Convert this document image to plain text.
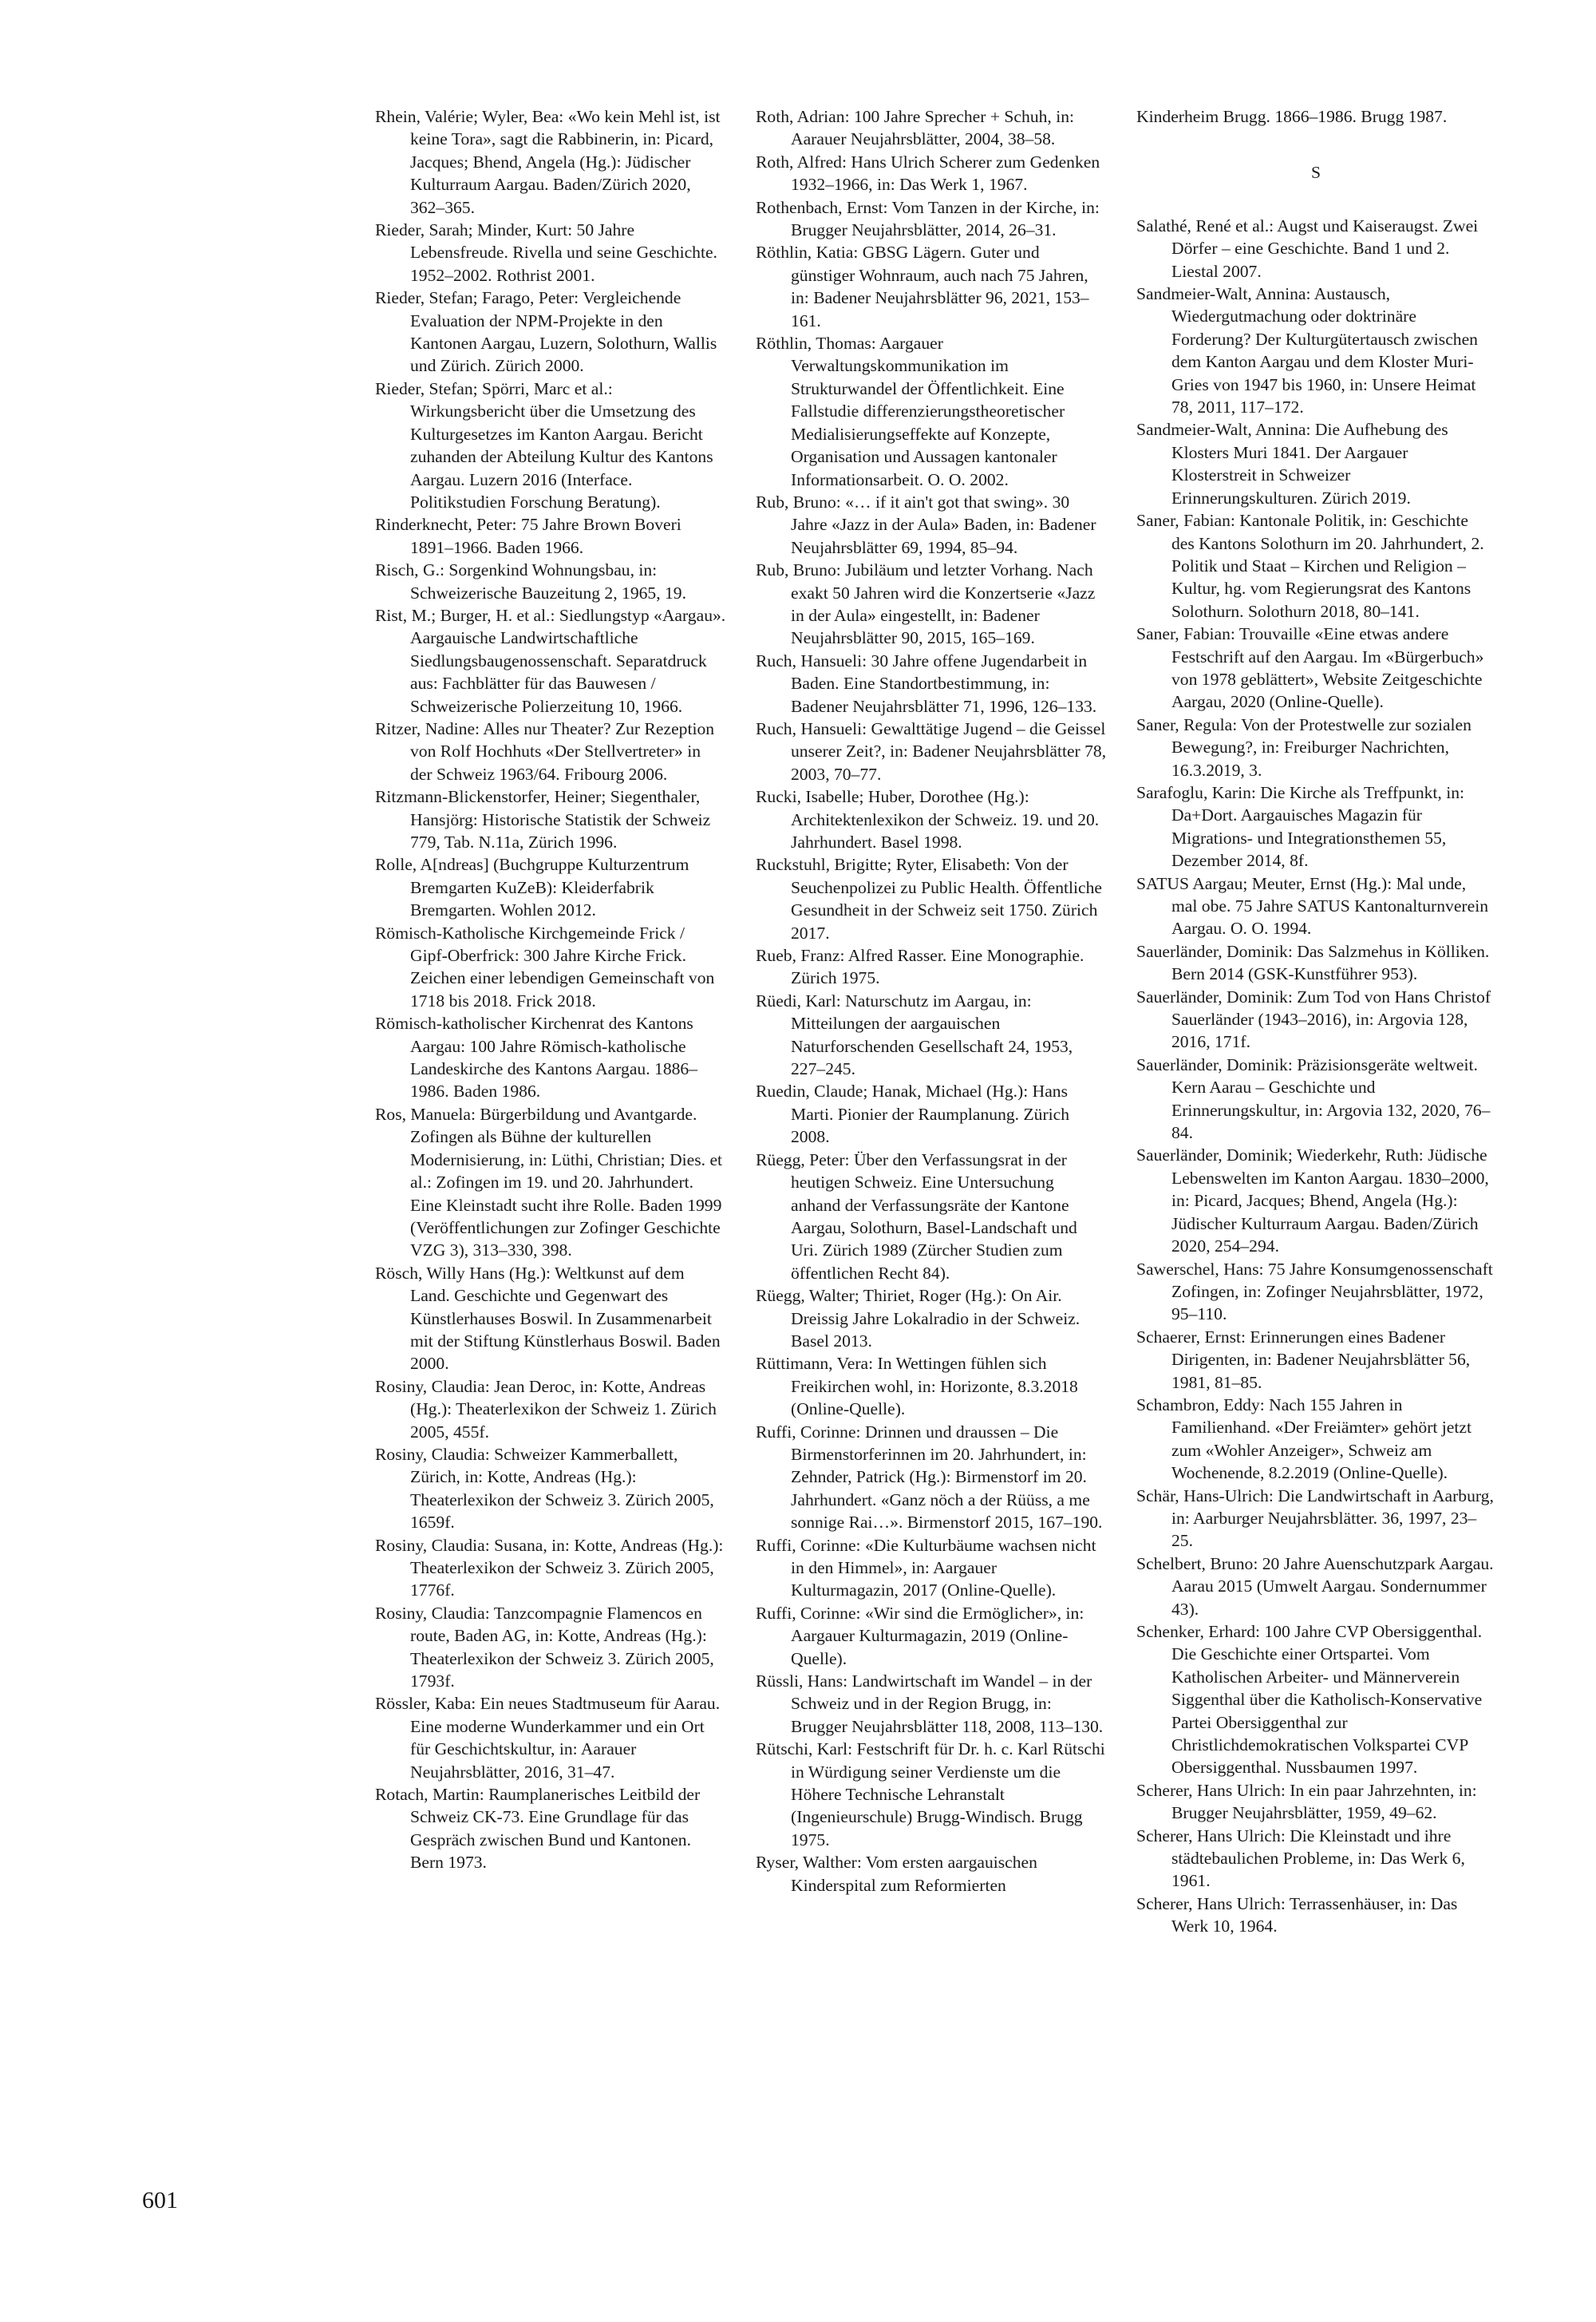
Rhein, Valérie; Wyler, Bea: «Wo kein Mehl ist, ist keine Tora», sagt die Rabbinerin, in: Picard, Jacques; Bhend, Angela (Hg.): Jüdischer Kulturraum Aargau. Baden/Zürich 2020, 362–365.

Rieder, Sarah; Minder, Kurt: 50 Jahre Lebensfreude. Rivella und seine Geschichte. 1952–2002. Rothrist 2001.

Rieder, Stefan; Farago, Peter: Vergleichende Evaluation der NPM-Projekte in den Kantonen Aargau, Luzern, Solothurn, Wallis und Zürich. Zürich 2000.

Rieder, Stefan; Spörri, Marc et al.: Wirkungsbericht über die Umsetzung des Kulturgesetzes im Kanton Aargau. Bericht zuhanden der Abteilung Kultur des Kantons Aargau. Luzern 2016 (Interface. Politikstudien Forschung Beratung).

Rinderknecht, Peter: 75 Jahre Brown Boveri 1891–1966. Baden 1966.

Risch, G.: Sorgenkind Wohnungsbau, in: Schweizerische Bauzeitung 2, 1965, 19.

Rist, M.; Burger, H. et al.: Siedlungstyp «Aargau». Aargauische Landwirtschaftliche Siedlungsbaugenossenschaft. Separatdruck aus: Fachblätter für das Bauwesen / Schweizerische Polierzeitung 10, 1966.

Ritzer, Nadine: Alles nur Theater? Zur Rezeption von Rolf Hochhuts «Der Stellvertreter» in der Schweiz 1963/64. Fribourg 2006.

Ritzmann-Blickenstorfer, Heiner; Siegenthaler, Hansjörg: Historische Statistik der Schweiz 779, Tab. N.11a, Zürich 1996.

Rolle, A[ndreas] (Buchgruppe Kulturzentrum Bremgarten KuZeB): Kleiderfabrik Bremgarten. Wohlen 2012.

Römisch-Katholische Kirchgemeinde Frick / Gipf-Oberfrick: 300 Jahre Kirche Frick. Zeichen einer lebendigen Gemeinschaft von 1718 bis 2018. Frick 2018.

Römisch-katholischer Kirchenrat des Kantons Aargau: 100 Jahre Römisch-katholische Landeskirche des Kantons Aargau. 1886–1986. Baden 1986.

Ros, Manuela: Bürgerbildung und Avantgarde. Zofingen als Bühne der kulturellen Modernisierung, in: Lüthi, Christian; Dies. et al.: Zofingen im 19. und 20. Jahrhundert. Eine Kleinstadt sucht ihre Rolle. Baden 1999 (Veröffentlichungen zur Zofinger Geschichte VZG 3), 313–330, 398.

Rösch, Willy Hans (Hg.): Weltkunst auf dem Land. Geschichte und Gegenwart des Künstlerhauses Boswil. In Zusammenarbeit mit der Stiftung Künstlerhaus Boswil. Baden 2000.

Rosiny, Claudia: Jean Deroc, in: Kotte, Andreas (Hg.): Theaterlexikon der Schweiz 1. Zürich 2005, 455f.

Rosiny, Claudia: Schweizer Kammerballett, Zürich, in: Kotte, Andreas (Hg.): Theaterlexikon der Schweiz 3. Zürich 2005, 1659f.

Rosiny, Claudia: Susana, in: Kotte, Andreas (Hg.): Theaterlexikon der Schweiz 3. Zürich 2005, 1776f.

Rosiny, Claudia: Tanzcompagnie Flamencos en route, Baden AG, in: Kotte, Andreas (Hg.): Theaterlexikon der Schweiz 3. Zürich 2005, 1793f.

Rössler, Kaba: Ein neues Stadtmuseum für Aarau. Eine moderne Wunderkammer und ein Ort für Geschichtskultur, in: Aarauer Neujahrsblätter, 2016, 31–47.

Rotach, Martin: Raumplanerisches Leitbild der Schweiz CK-73. Eine Grundlage für das Gespräch zwischen Bund und Kantonen. Bern 1973.

Roth, Adrian: 100 Jahre Sprecher + Schuh, in: Aarauer Neujahrsblätter, 2004, 38–58.

Roth, Alfred: Hans Ulrich Scherer zum Gedenken 1932–1966, in: Das Werk 1, 1967.

Rothenbach, Ernst: Vom Tanzen in der Kirche, in: Brugger Neujahrsblätter, 2014, 26–31.

Röthlin, Katia: GBSG Lägern. Guter und günstiger Wohnraum, auch nach 75 Jahren, in: Badener Neujahrsblätter 96, 2021, 153–161.

Röthlin, Thomas: Aargauer Verwaltungskommunikation im Strukturwandel der Öffentlichkeit. Eine Fallstudie differenzierungstheoretischer Medialisierungseffekte auf Konzepte, Organisation und Aussagen kantonaler Informationsarbeit. O. O. 2002.

Rub, Bruno: «… if it ain't got that swing». 30 Jahre «Jazz in der Aula» Baden, in: Badener Neujahrsblätter 69, 1994, 85–94.

Rub, Bruno: Jubiläum und letzter Vorhang. Nach exakt 50 Jahren wird die Konzertserie «Jazz in der Aula» eingestellt, in: Badener Neujahrsblätter 90, 2015, 165–169.

Ruch, Hansueli: 30 Jahre offene Jugendarbeit in Baden. Eine Standortbestimmung, in: Badener Neujahrsblätter 71, 1996, 126–133.

Ruch, Hansueli: Gewalttätige Jugend – die Geissel unserer Zeit?, in: Badener Neujahrsblätter 78, 2003, 70–77.

Rucki, Isabelle; Huber, Dorothee (Hg.): Architektenlexikon der Schweiz. 19. und 20. Jahrhundert. Basel 1998.

Ruckstuhl, Brigitte; Ryter, Elisabeth: Von der Seuchenpolizei zu Public Health. Öffentliche Gesundheit in der Schweiz seit 1750. Zürich 2017.

Rueb, Franz: Alfred Rasser. Eine Monographie. Zürich 1975.

Rüedi, Karl: Naturschutz im Aargau, in: Mitteilungen der aargauischen Naturforschenden Gesellschaft 24, 1953, 227–245.

Ruedin, Claude; Hanak, Michael (Hg.): Hans Marti. Pionier der Raumplanung. Zürich 2008.

Rüegg, Peter: Über den Verfassungsrat in der heutigen Schweiz. Eine Untersuchung anhand der Verfassungsräte der Kantone Aargau, Solothurn, Basel-Landschaft und Uri. Zürich 1989 (Zürcher Studien zum öffentlichen Recht 84).

Rüegg, Walter; Thiriet, Roger (Hg.): On Air. Dreissig Jahre Lokalradio in der Schweiz. Basel 2013.

Rüttimann, Vera: In Wettingen fühlen sich Freikirchen wohl, in: Horizonte, 8.3.2018 (Online-Quelle).

Ruffi, Corinne: Drinnen und draussen – Die Birmenstorferinnen im 20. Jahrhundert, in: Zehnder, Patrick (Hg.): Birmenstorf im 20. Jahrhundert. «Ganz nöch a der Rüüss, a me sonnige Rai…». Birmenstorf 2015, 167–190.

Ruffi, Corinne: «Die Kulturbäume wachsen nicht in den Himmel», in: Aargauer Kulturmagazin, 2017 (Online-Quelle).

Ruffi, Corinne: «Wir sind die Ermöglicher», in: Aargauer Kulturmagazin, 2019 (Online-Quelle).

Rüssli, Hans: Landwirtschaft im Wandel – in der Schweiz und in der Region Brugg, in: Brugger Neujahrsblätter 118, 2008, 113–130.

Rütschi, Karl: Festschrift für Dr. h. c. Karl Rütschi in Würdigung seiner Verdienste um die Höhere Technische Lehranstalt (Ingenieurschule) Brugg-Windisch. Brugg 1975.

Ryser, Walther: Vom ersten aargauischen Kinderspital zum Reformierten

Kinderheim Brugg. 1866–1986. Brugg 1987.

S

Salathé, René et al.: Augst und Kaiseraugst. Zwei Dörfer – eine Geschichte. Band 1 und 2. Liestal 2007.

Sandmeier-Walt, Annina: Austausch, Wiedergutmachung oder doktrinäre Forderung? Der Kulturgütertausch zwischen dem Kanton Aargau und dem Kloster Muri-Gries von 1947 bis 1960, in: Unsere Heimat 78, 2011, 117–172.

Sandmeier-Walt, Annina: Die Aufhebung des Klosters Muri 1841. Der Aargauer Klosterstreit in Schweizer Erinnerungskulturen. Zürich 2019.

Saner, Fabian: Kantonale Politik, in: Geschichte des Kantons Solothurn im 20. Jahrhundert, 2. Politik und Staat – Kirchen und Religion – Kultur, hg. vom Regierungsrat des Kantons Solothurn. Solothurn 2018, 80–141.

Saner, Fabian: Trouvaille «Eine etwas andere Festschrift auf den Aargau. Im «Bürgerbuch» von 1978 geblättert», Website Zeitgeschichte Aargau, 2020 (Online-Quelle).

Saner, Regula: Von der Protestwelle zur sozialen Bewegung?, in: Freiburger Nachrichten, 16.3.2019, 3.

Sarafoglu, Karin: Die Kirche als Treffpunkt, in: Da+Dort. Aargauisches Magazin für Migrations- und Integrationsthemen 55, Dezember 2014, 8f.

SATUS Aargau; Meuter, Ernst (Hg.): Mal unde, mal obe. 75 Jahre SATUS Kantonalturnverein Aargau. O. O. 1994.

Sauerländer, Dominik: Das Salzmehus in Kölliken. Bern 2014 (GSK-Kunstführer 953).

Sauerländer, Dominik: Zum Tod von Hans Christof Sauerländer (1943–2016), in: Argovia 128, 2016, 171f.

Sauerländer, Dominik: Präzisionsgeräte weltweit. Kern Aarau – Geschichte und Erinnerungskultur, in: Argovia 132, 2020, 76–84.

Sauerländer, Dominik; Wiederkehr, Ruth: Jüdische Lebenswelten im Kanton Aargau. 1830–2000, in: Picard, Jacques; Bhend, Angela (Hg.): Jüdischer Kulturraum Aargau. Baden/Zürich 2020, 254–294.

Sawerschel, Hans: 75 Jahre Konsumgenossenschaft Zofingen, in: Zofinger Neujahrsblätter, 1972, 95–110.

Schaerer, Ernst: Erinnerungen eines Badener Dirigenten, in: Badener Neujahrsblätter 56, 1981, 81–85.

Schambron, Eddy: Nach 155 Jahren in Familienhand. «Der Freiämter» gehört jetzt zum «Wohler Anzeiger», Schweiz am Wochenende, 8.2.2019 (Online-Quelle).

Schär, Hans-Ulrich: Die Landwirtschaft in Aarburg, in: Aarburger Neujahrsblätter. 36, 1997, 23–25.

Schelbert, Bruno: 20 Jahre Auenschutzpark Aargau. Aarau 2015 (Umwelt Aargau. Sondernummer 43).

Schenker, Erhard: 100 Jahre CVP Obersiggenthal. Die Geschichte einer Ortspartei. Vom Katholischen Arbeiter- und Männerverein Siggenthal über die Katholisch-Konservative Partei Obersiggenthal zur Christlichdemokratischen Volkspartei CVP Obersiggenthal. Nussbaumen 1997.

Scherer, Hans Ulrich: In ein paar Jahrzehnten, in: Brugger Neujahrsblätter, 1959, 49–62.

Scherer, Hans Ulrich: Die Kleinstadt und ihre städtebaulichen Probleme, in: Das Werk 6, 1961.

Scherer, Hans Ulrich: Terrassenhäuser, in: Das Werk 10, 1964.

601
